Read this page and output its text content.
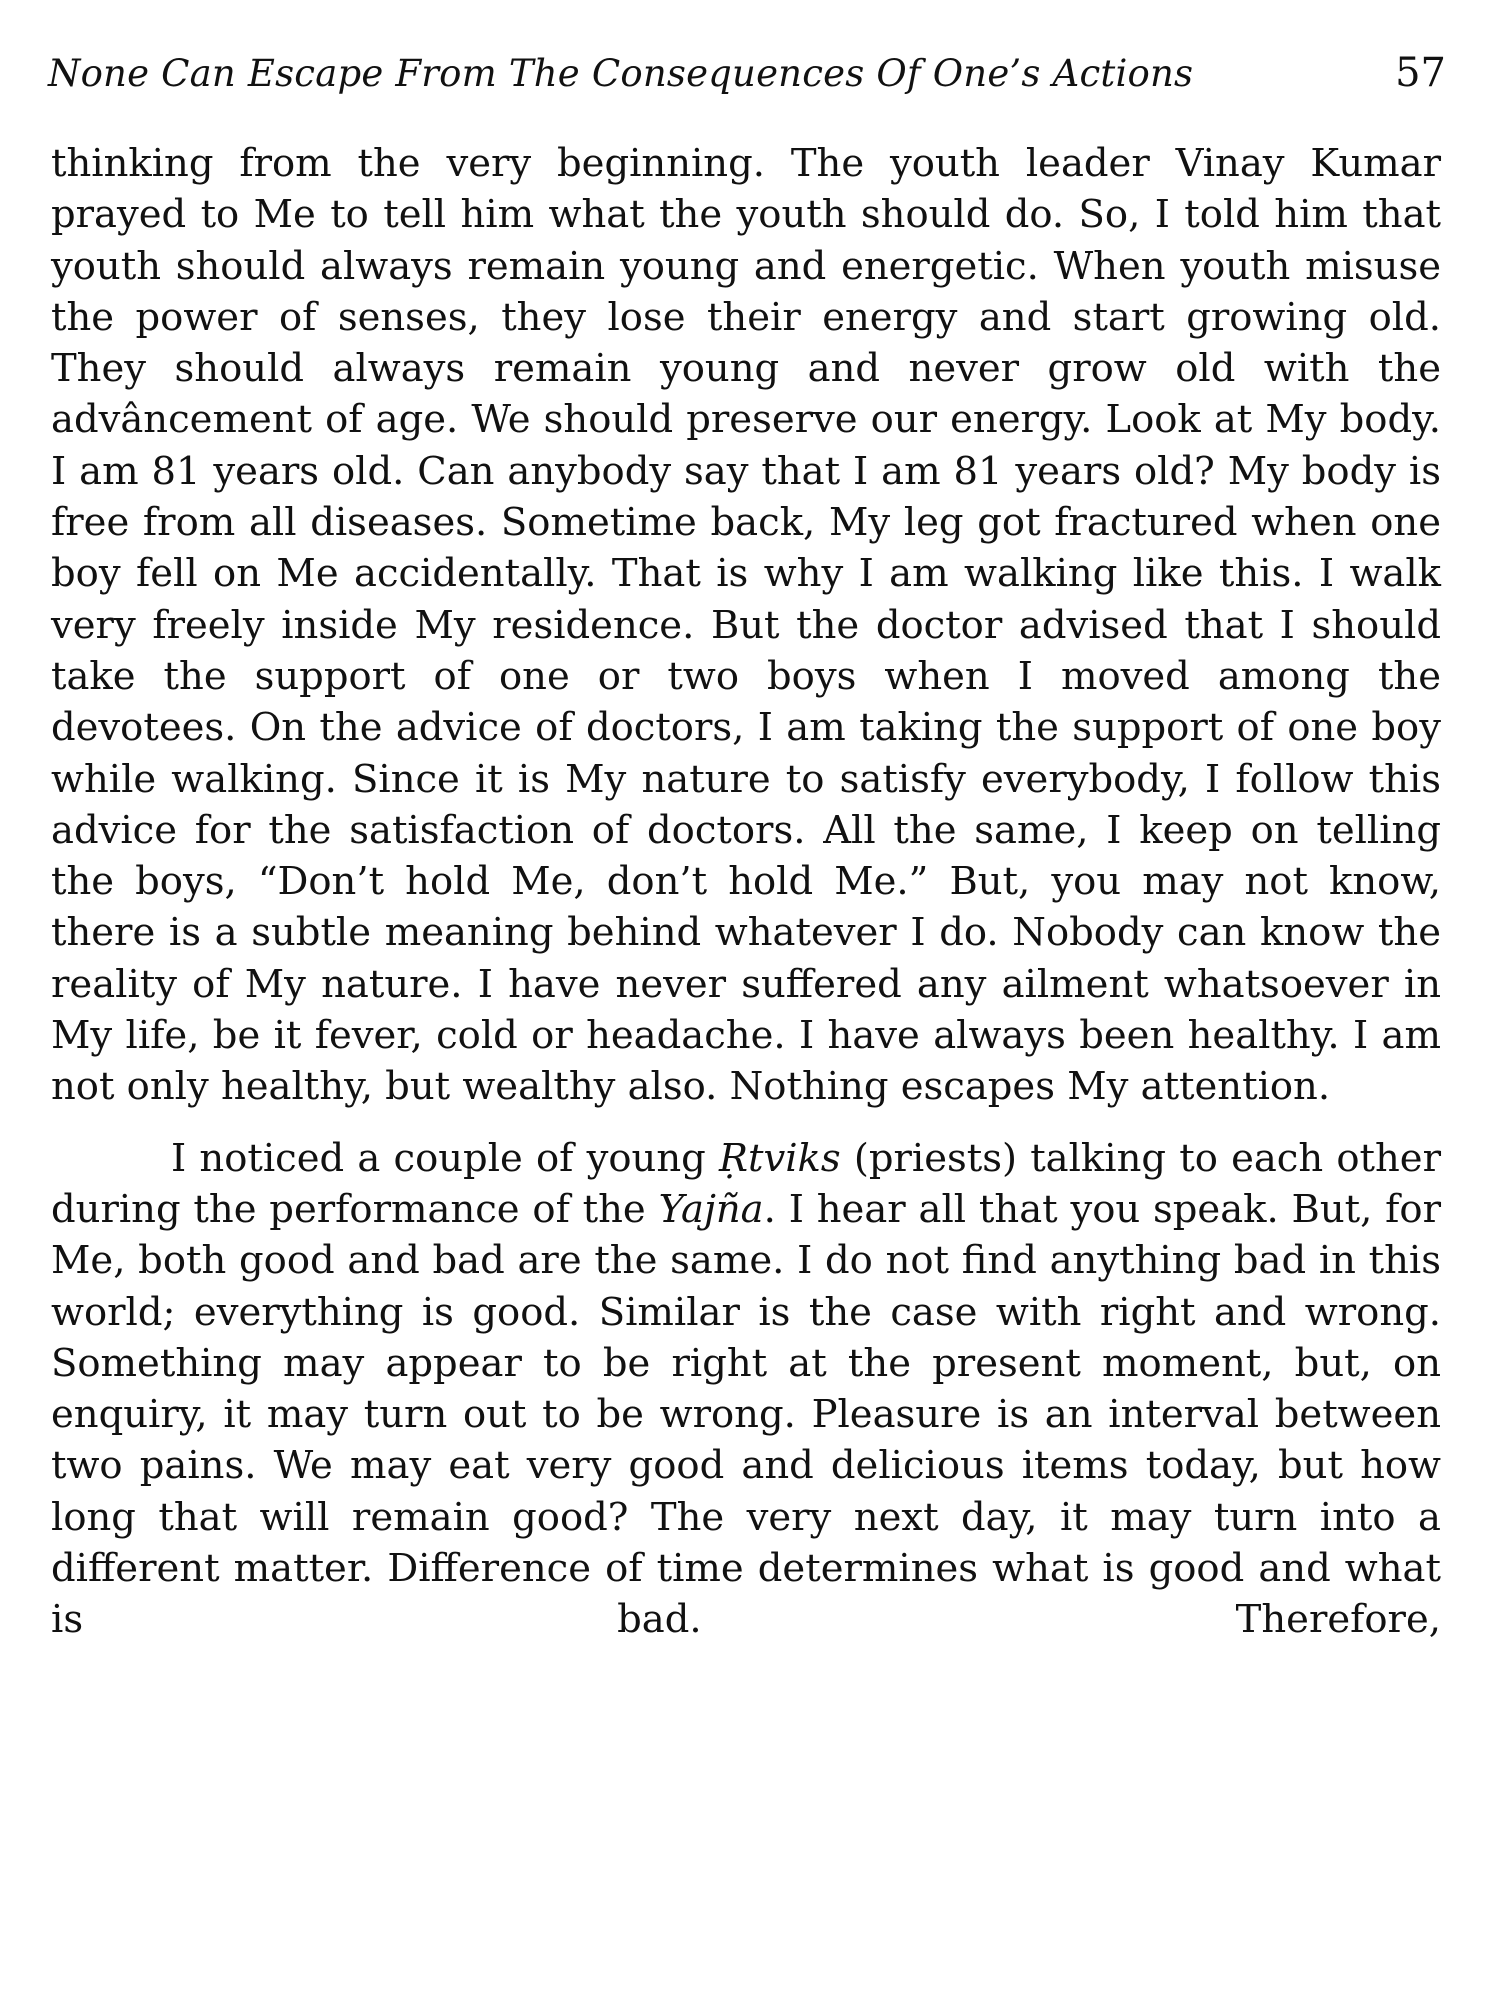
None Can Escape From The Consequences Of One’s Actions	57

thinking from the very beginning. The youth leader Vinay Kumar prayed to Me to tell him what the youth should do. So, I told him that youth should always remain young and energetic. When youth misuse the power of senses, they lose their energy and start growing old. They should always remain young and never grow old with the advâncement of age. We should preserve our energy. Look at My body. I am 81 years old. Can anybody say that I am 81 years old? My body is free from all diseases. Sometime back, My leg got fractured when one boy fell on Me accidentally. That is why I am walking like this. I walk very freely inside My residence. But the doctor advised that I should take the support of one or two boys when I moved among the devotees. On the advice of doctors, I am taking the support of one boy while walking. Since it is My nature to satisfy everybody, I follow this advice for the satisfaction of doctors. All the same, I keep on telling the boys, “Don’t hold Me, don’t hold Me.” But, you may not know, there is a subtle meaning behind whatever I do. Nobody can know the reality of My nature. I have never suffered any ailment whatsoever in My life, be it fever, cold or headache. I have always been healthy. I am not only healthy, but wealthy also. Nothing escapes My attention.

I noticed a couple of young Ṛtviks (priests) talking to each other during the performance of the Yajña. I hear all that you speak. But, for Me, both good and bad are the same. I do not find anything bad in this world; everything is good. Similar is the case with right and wrong. Something may appear to be right at the present moment, but, on enquiry, it may turn out to be wrong. Pleasure is an interval between two pains. We may eat very good and delicious items today, but how long that will remain good? The very next day, it may turn into a different matter. Difference of time determines what is good and what is bad. Therefore,
